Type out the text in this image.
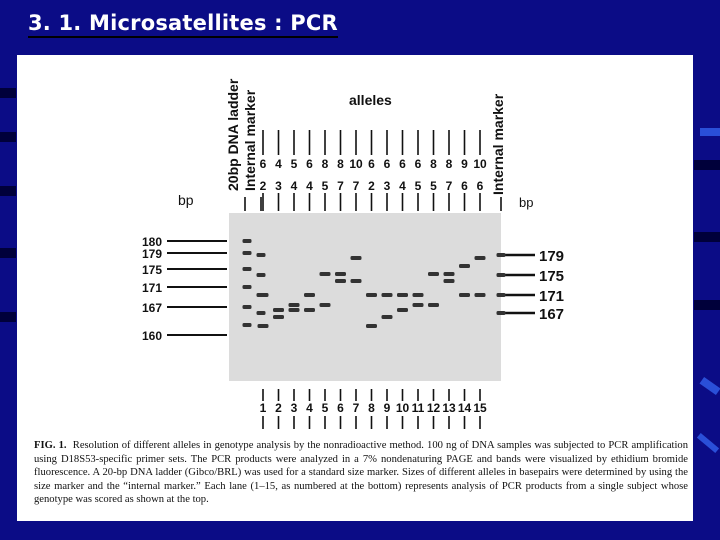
3. 1. Microsatellites : PCR
20bp DNA ladder Internal marker	Internal marker
alleles
bp	bp
6 4 5 6 8 8 10 6 6 6 6 8 8 9 10
2 3 4 4 5 7 7 2 3 4 5 5 7 6 6
180
179
175
171
167
160
179
175
171
167
1 2 3 4 5 6 7 8 9 10 11 12 13 14 15
FIG. 1. Resolution of different alleles in genotype analysis by the nonradioactive method. 100 ng of DNA samples was subjected to PCR amplification using D18S53-specific primer sets. The PCR products were analyzed in a 7% nondenaturing PAGE and bands were visualized by ethidium bromide fluorescence. A 20-bp DNA ladder (Gibco/BRL) was used for a standard size marker. Sizes of different alleles in basepairs were determined by using the size marker and the “internal marker.” Each lane (1–15, as numbered at the bottom) represents analysis of PCR products from a single subject whose genotype was scored as shown at the top.
